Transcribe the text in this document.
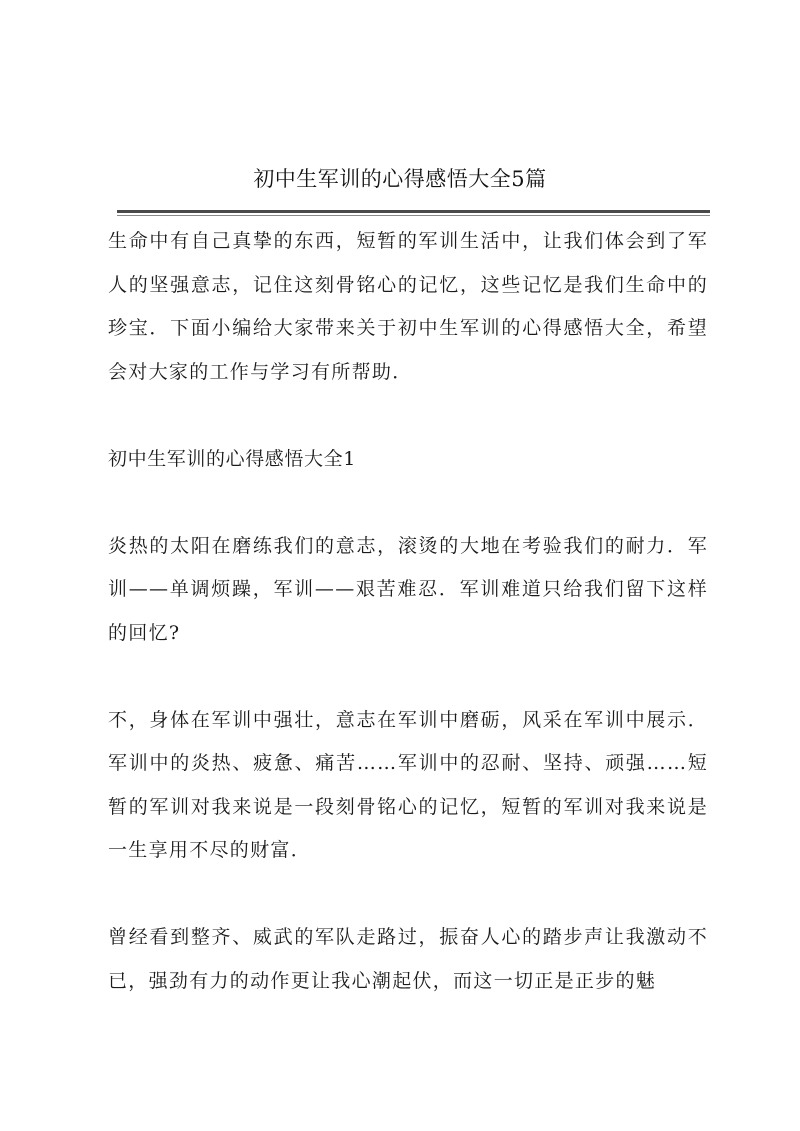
初中生军训的心得感悟大全5篇

生命中有自己真挚的东西，短暂的军训生活中，让我们体会到了军人的坚强意志，记住这刻骨铭心的记忆，这些记忆是我们生命中的珍宝．下面小编给大家带来关于初中生军训的心得感悟大全，希望会对大家的工作与学习有所帮助．

初中生军训的心得感悟大全1

炎热的太阳在磨练我们的意志，滚烫的大地在考验我们的耐力．军训——单调烦躁，军训——艰苦难忍．军训难道只给我们留下这样的回忆?

不，身体在军训中强壮，意志在军训中磨砺，风采在军训中展示．军训中的炎热、疲惫、痛苦……军训中的忍耐、坚持、顽强……短暂的军训对我来说是一段刻骨铭心的记忆，短暂的军训对我来说是一生享用不尽的财富．

曾经看到整齐、威武的军队走路过，振奋人心的踏步声让我激动不已，强劲有力的动作更让我心潮起伏，而这一切正是正步的魅
